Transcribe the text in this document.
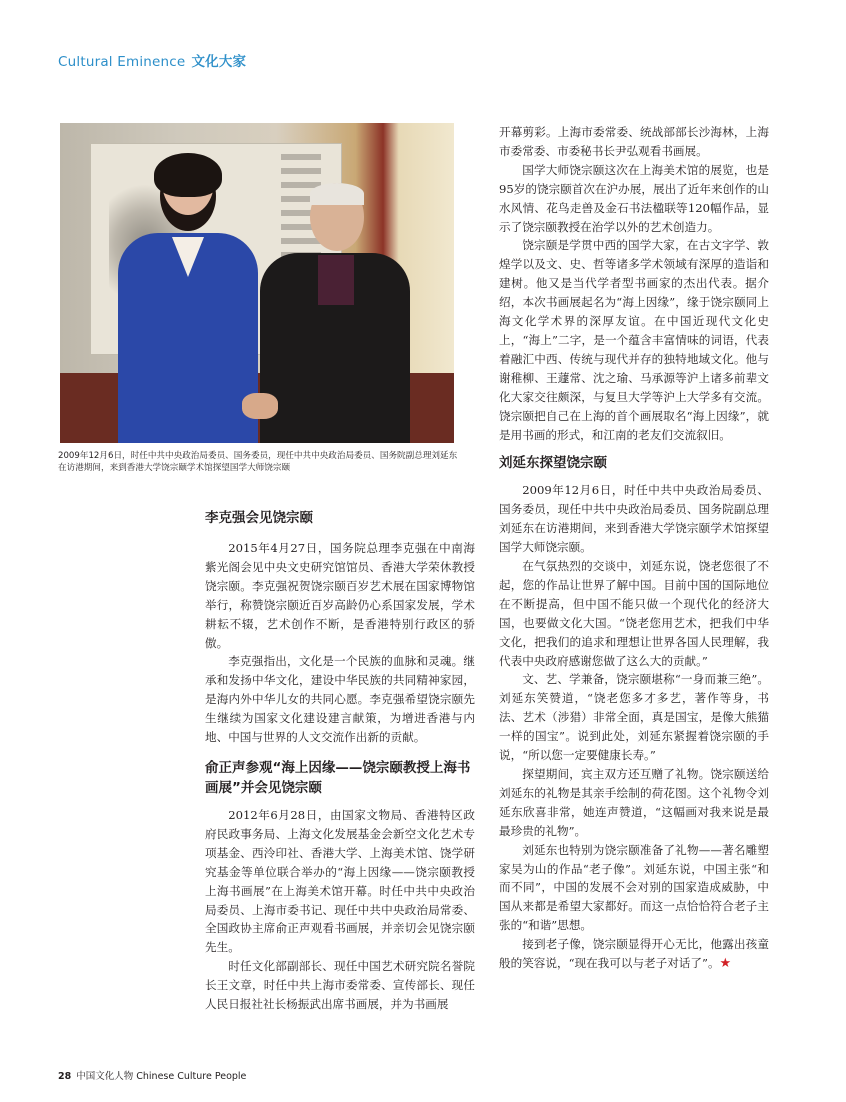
Cultural Eminence 文化大家
2009年12月6日，时任中共中央政治局委员、国务委员，现任中共中央政治局委员、国务院副总理刘延东在访港期间，来到香港大学饶宗颐学术馆探望国学大师饶宗颐
李克强会见饶宗颐

2015年4月27日，国务院总理李克强在中南海紫光阁会见中央文史研究馆馆员、香港大学荣休教授饶宗颐。李克强祝贺饶宗颐百岁艺术展在国家博物馆举行，称赞饶宗颐近百岁高龄仍心系国家发展，学术耕耘不辍，艺术创作不断，是香港特别行政区的骄傲。

李克强指出，文化是一个民族的血脉和灵魂。继承和发扬中华文化，建设中华民族的共同精神家园，是海内外中华儿女的共同心愿。李克强希望饶宗颐先生继续为国家文化建设建言献策，为增进香港与内地、中国与世界的人文交流作出新的贡献。

俞正声参观“海上因缘——饶宗颐教授上海书画展”并会见饶宗颐

2012年6月28日，由国家文物局、香港特区政府民政事务局、上海文化发展基金会新空文化艺术专项基金、西泠印社、香港大学、上海美术馆、饶学研究基金等单位联合举办的“海上因缘——饶宗颐教授上海书画展”在上海美术馆开幕。时任中共中央政治局委员、上海市委书记、现任中共中央政治局常委、全国政协主席俞正声观看书画展，并亲切会见饶宗颐先生。

时任文化部副部长、现任中国艺术研究院名誉院长王文章，时任中共上海市委常委、宣传部长、现任人民日报社社长杨振武出席书画展，并为书画展

开幕剪彩。上海市委常委、统战部部长沙海林，上海市委常委、市委秘书长尹弘观看书画展。

国学大师饶宗颐这次在上海美术馆的展览，也是95岁的饶宗颐首次在沪办展，展出了近年来创作的山水风情、花鸟走兽及金石书法楹联等120幅作品，显示了饶宗颐教授在治学以外的艺术创造力。

饶宗颐是学贯中西的国学大家，在古文字学、敦煌学以及文、史、哲等诸多学术领域有深厚的造诣和建树。他又是当代学者型书画家的杰出代表。据介绍，本次书画展起名为“海上因缘”，缘于饶宗颐同上海文化学术界的深厚友谊。在中国近现代文化史上，“海上”二字，是一个蕴含丰富情味的词语，代表着融汇中西、传统与现代并存的独特地域文化。他与谢稚柳、王蘧常、沈之瑜、马承源等沪上诸多前辈文化大家交往颇深，与复旦大学等沪上大学多有交流。饶宗颐把自己在上海的首个画展取名“海上因缘”，就是用书画的形式，和江南的老友们交流叙旧。

刘延东探望饶宗颐

2009年12月6日，时任中共中央政治局委员、国务委员，现任中共中央政治局委员、国务院副总理刘延东在访港期间，来到香港大学饶宗颐学术馆探望国学大师饶宗颐。

在气氛热烈的交谈中，刘延东说，饶老您很了不起，您的作品让世界了解中国。目前中国的国际地位在不断提高，但中国不能只做一个现代化的经济大国，也要做文化大国。“饶老您用艺术，把我们中华文化，把我们的追求和理想让世界各国人民理解，我代表中央政府感谢您做了这么大的贡献。”

文、艺、学兼备，饶宗颐堪称“一身而兼三绝”。刘延东笑赞道，“饶老您多才多艺，著作等身，书法、艺术（涉猎）非常全面，真是国宝，是像大熊猫一样的国宝”。说到此处，刘延东紧握着饶宗颐的手说，“所以您一定要健康长寿。”

探望期间，宾主双方还互赠了礼物。饶宗颐送给刘延东的礼物是其亲手绘制的荷花图。这个礼物令刘延东欣喜非常，她连声赞道，“这幅画对我来说是最最珍贵的礼物”。

刘延东也特别为饶宗颐准备了礼物——著名雕塑家吴为山的作品“老子像”。刘延东说，中国主张“和而不同”，中国的发展不会对别的国家造成威胁，中国从来都是希望大家都好。而这一点恰恰符合老子主张的“和谐”思想。

接到老子像，饶宗颐显得开心无比，他露出孩童般的笑容说，“现在我可以与老子对话了”。★

28 中国文化人物 Chinese Culture People
